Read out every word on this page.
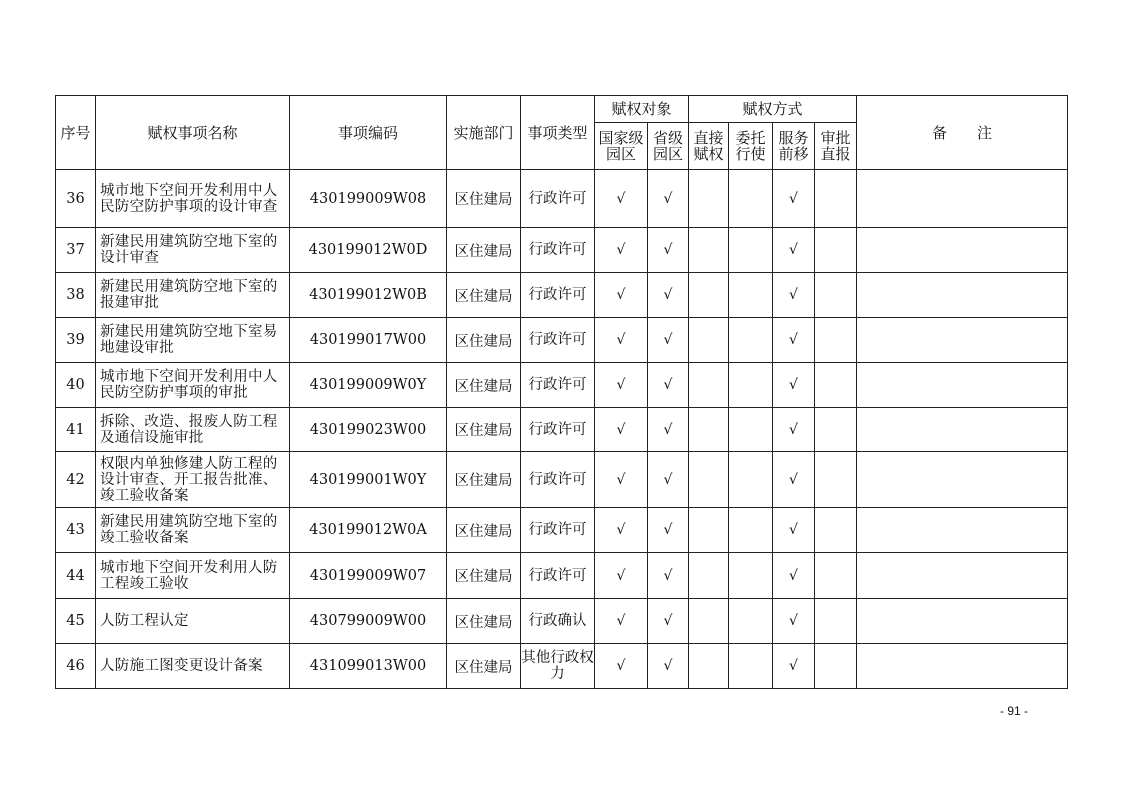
序号	赋权事项名称	事项编码	实施部门	事项类型	赋权对象		赋权方式				备　　注
					国家级园区	省级园区	直接赋权	委托行使	服务前移	审批直报	
36	城市地下空间开发利用中人民防空防护事项的设计审查	430199009W08	区住建局	行政许可	√	√			√		
37	新建民用建筑防空地下室的设计审查	430199012W0D	区住建局	行政许可	√	√			√		
38	新建民用建筑防空地下室的报建审批	430199012W0B	区住建局	行政许可	√	√			√		
39	新建民用建筑防空地下室易地建设审批	430199017W00	区住建局	行政许可	√	√			√		
40	城市地下空间开发利用中人民防空防护事项的审批	430199009W0Y	区住建局	行政许可	√	√			√		
41	拆除、改造、报废人防工程及通信设施审批	430199023W00	区住建局	行政许可	√	√			√		
42	权限内单独修建人防工程的设计审查、开工报告批准、竣工验收备案	430199001W0Y	区住建局	行政许可	√	√			√		
43	新建民用建筑防空地下室的竣工验收备案	430199012W0A	区住建局	行政许可	√	√			√		
44	城市地下空间开发利用人防工程竣工验收	430199009W07	区住建局	行政许可	√	√			√		
45	人防工程认定	430799009W00	区住建局	行政确认	√	√			√		
46	人防施工图变更设计备案	431099013W00	区住建局	其他行政权力	√	√			√		
- 91 -
